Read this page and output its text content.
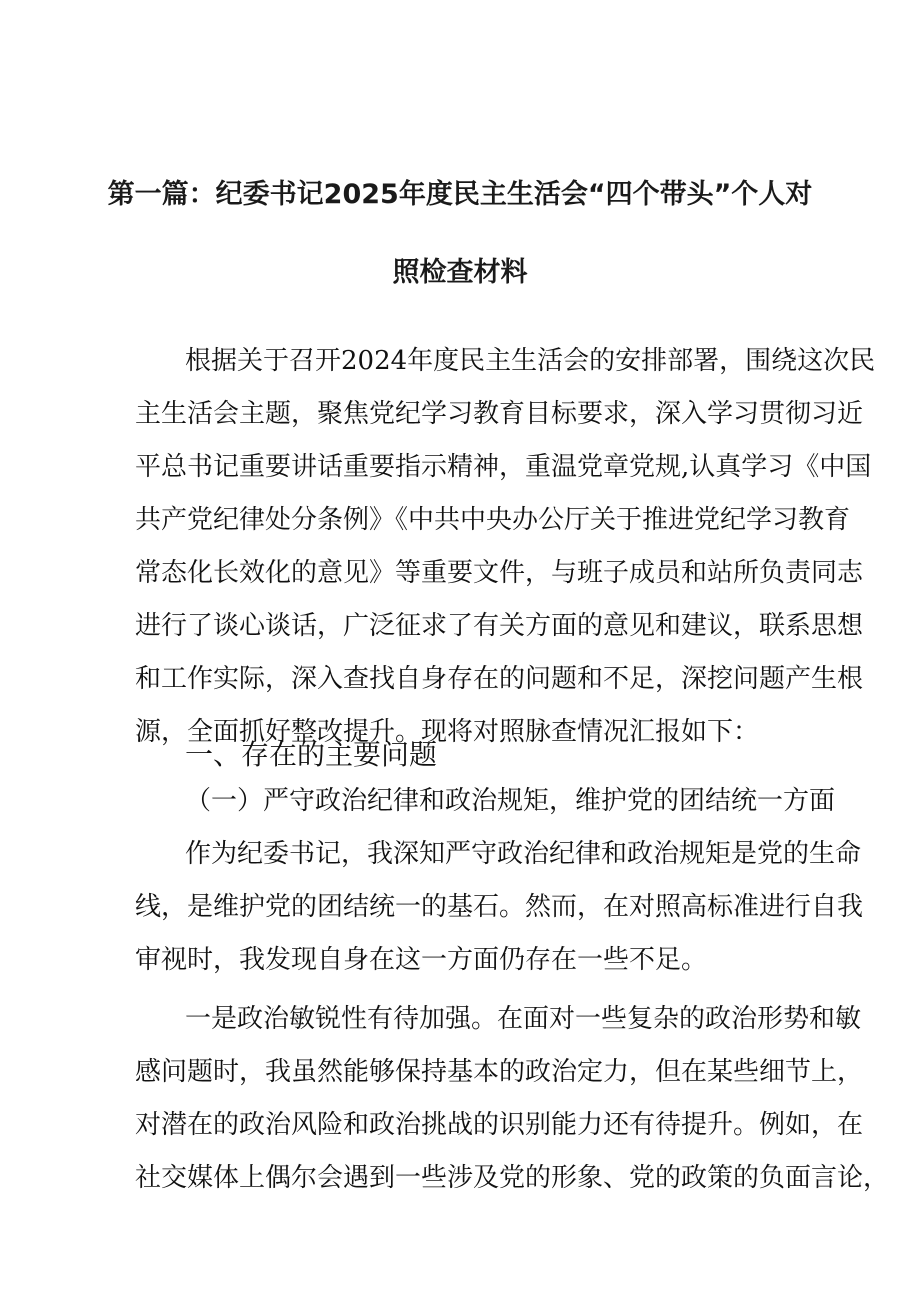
第一篇：纪委书记2025年度民主生活会“四个带头”个人对
照检查材料
根据关于召开2024年度民主生活会的安排部署，围绕这次民
主生活会主题，聚焦党纪学习教育目标要求，深入学习贯彻习近
平总书记重要讲话重要指示精神，重温党章党规,认真学习《中国
共产党纪律处分条例》《中共中央办公厅关于推进党纪学习教育
常态化长效化的意见》等重要文件，与班子成员和站所负责同志
进行了谈心谈话，广泛征求了有关方面的意见和建议，联系思想
和工作实际，深入查找自身存在的问题和不足，深挖问题产生根
一、存在的主要问题
（一）严守政治纪律和政治规矩，维护党的团结统一方面
作为纪委书记，我深知严守政治纪律和政治规矩是党的生命
线，是维护党的团结统一的基石。然而，在对照高标准进行自我
审视时，我发现自身在这一方面仍存在一些不足。
一是政治敏锐性有待加强。在面对一些复杂的政治形势和敏
感问题时，我虽然能够保持基本的政治定力，但在某些细节上，
对潜在的政治风险和政治挑战的识别能力还有待提升。例如，在
社交媒体上偶尔会遇到一些涉及党的形象、党的政策的负面言论，
源，全面抓好整改提升。现将对照脉查情况汇报如下：
